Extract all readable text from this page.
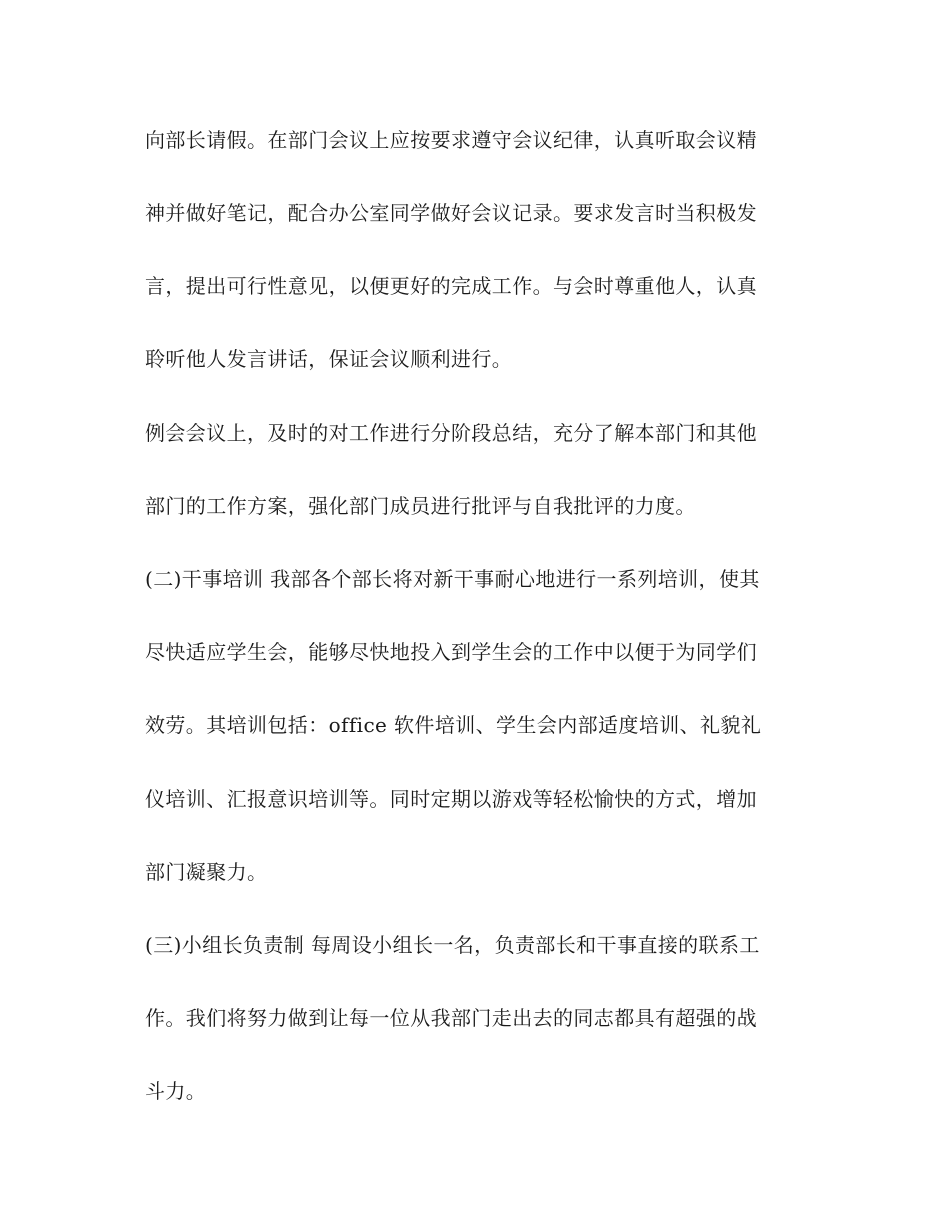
向部长请假。在部门会议上应按要求遵守会议纪律，认真听取会议精
神并做好笔记，配合办公室同学做好会议记录。要求发言时当积极发
言，提出可行性意见，以便更好的完成工作。与会时尊重他人，认真
聆听他人发言讲话，保证会议顺利进行。
例会会议上，及时的对工作进行分阶段总结，充分了解本部门和其他
部门的工作方案，强化部门成员进行批评与自我批评的力度。
(二)干事培训 我部各个部长将对新干事耐心地进行一系列培训，使其
尽快适应学生会，能够尽快地投入到学生会的工作中以便于为同学们
效劳。其培训包括：office 软件培训、学生会内部适度培训、礼貌礼
仪培训、汇报意识培训等。同时定期以游戏等轻松愉快的方式，增加
部门凝聚力。
(三)小组长负责制 每周设小组长一名，负责部长和干事直接的联系工
作。我们将努力做到让每一位从我部门走出去的同志都具有超强的战
斗力。
